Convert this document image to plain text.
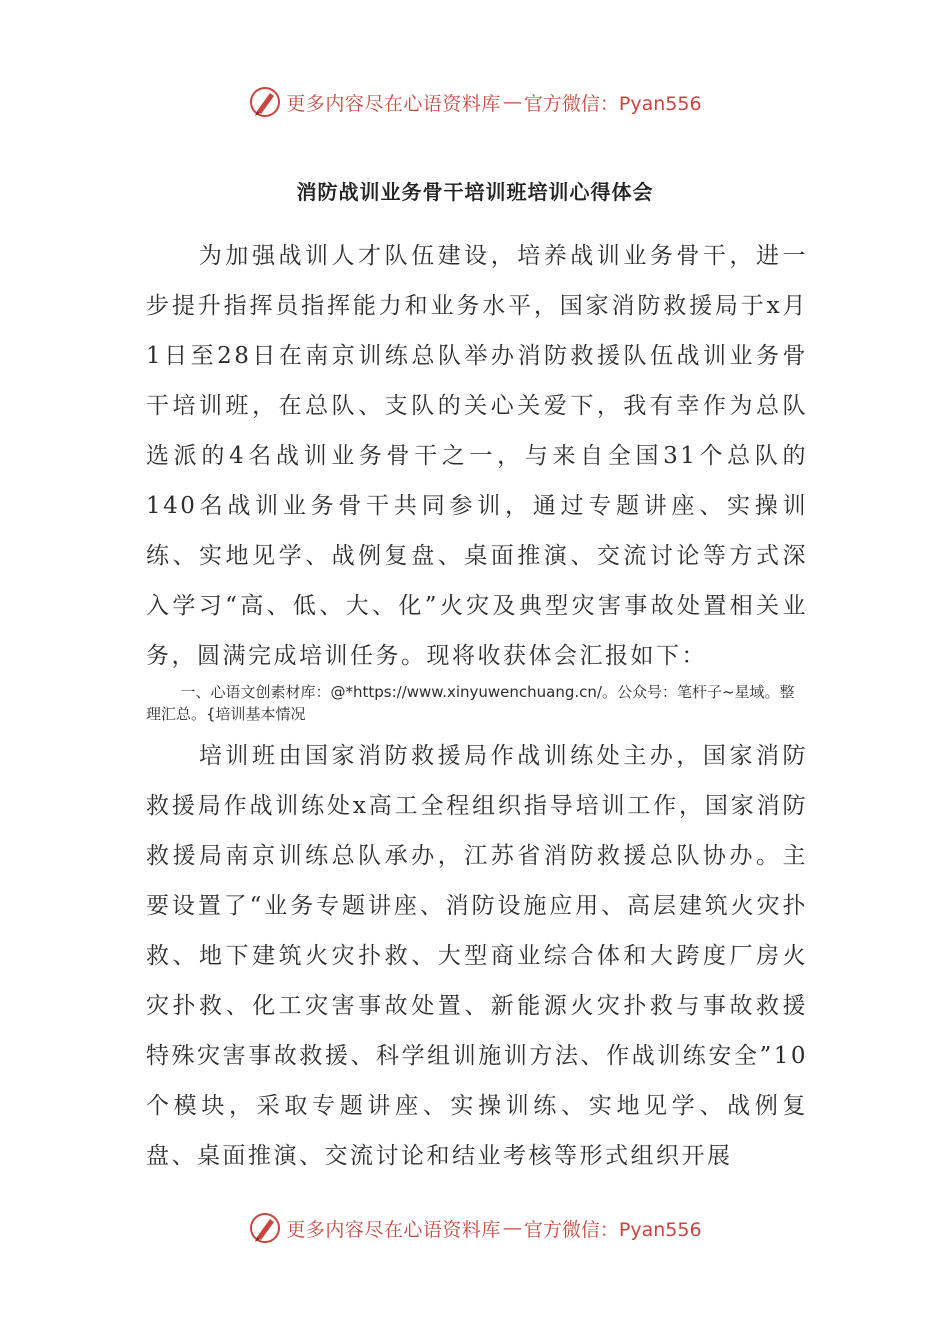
更多内容尽在心语资料库 — 官方微信：Pyan556
消防战训业务骨干培训班培训心得体会

为加强战训人才队伍建设，培养战训业务骨干，进一步提升指挥员指挥能力和业务水平，国家消防救援局于x月1日至28日在南京训练总队举办消防救援队伍战训业务骨干培训班，在总队、支队的关心关爱下，我有幸作为总队选派的4名战训业务骨干之一，与来自全国31个总队的140名战训业务骨干共同参训，通过专题讲座、实操训练、实地见学、战例复盘、桌面推演、交流讨论等方式深入学习“高、低、大、化”火灾及典型灾害事故处置相关业务，圆满完成培训任务。现将收获体会汇报如下：

一、心语文创素材库：@*https://www.xinyuwenchuang.cn/。公众号：笔杆子~星域。整理汇总。{培训基本情况

培训班由国家消防救援局作战训练处主办，国家消防救援局作战训练处x高工全程组织指导培训工作，国家消防救援局南京训练总队承办，江苏省消防救援总队协办。主要设置了“业务专题讲座、消防设施应用、高层建筑火灾扑救、地下建筑火灾扑救、大型商业综合体和大跨度厂房火灾扑救、化工灾害事故处置、新能源火灾扑救与事故救援特殊灾害事故救援、科学组训施训方法、作战训练安全”10个模块，采取专题讲座、实操训练、实地见学、战例复盘、桌面推演、交流讨论和结业考核等形式组织开展

更多内容尽在心语资料库 — 官方微信：Pyan556
